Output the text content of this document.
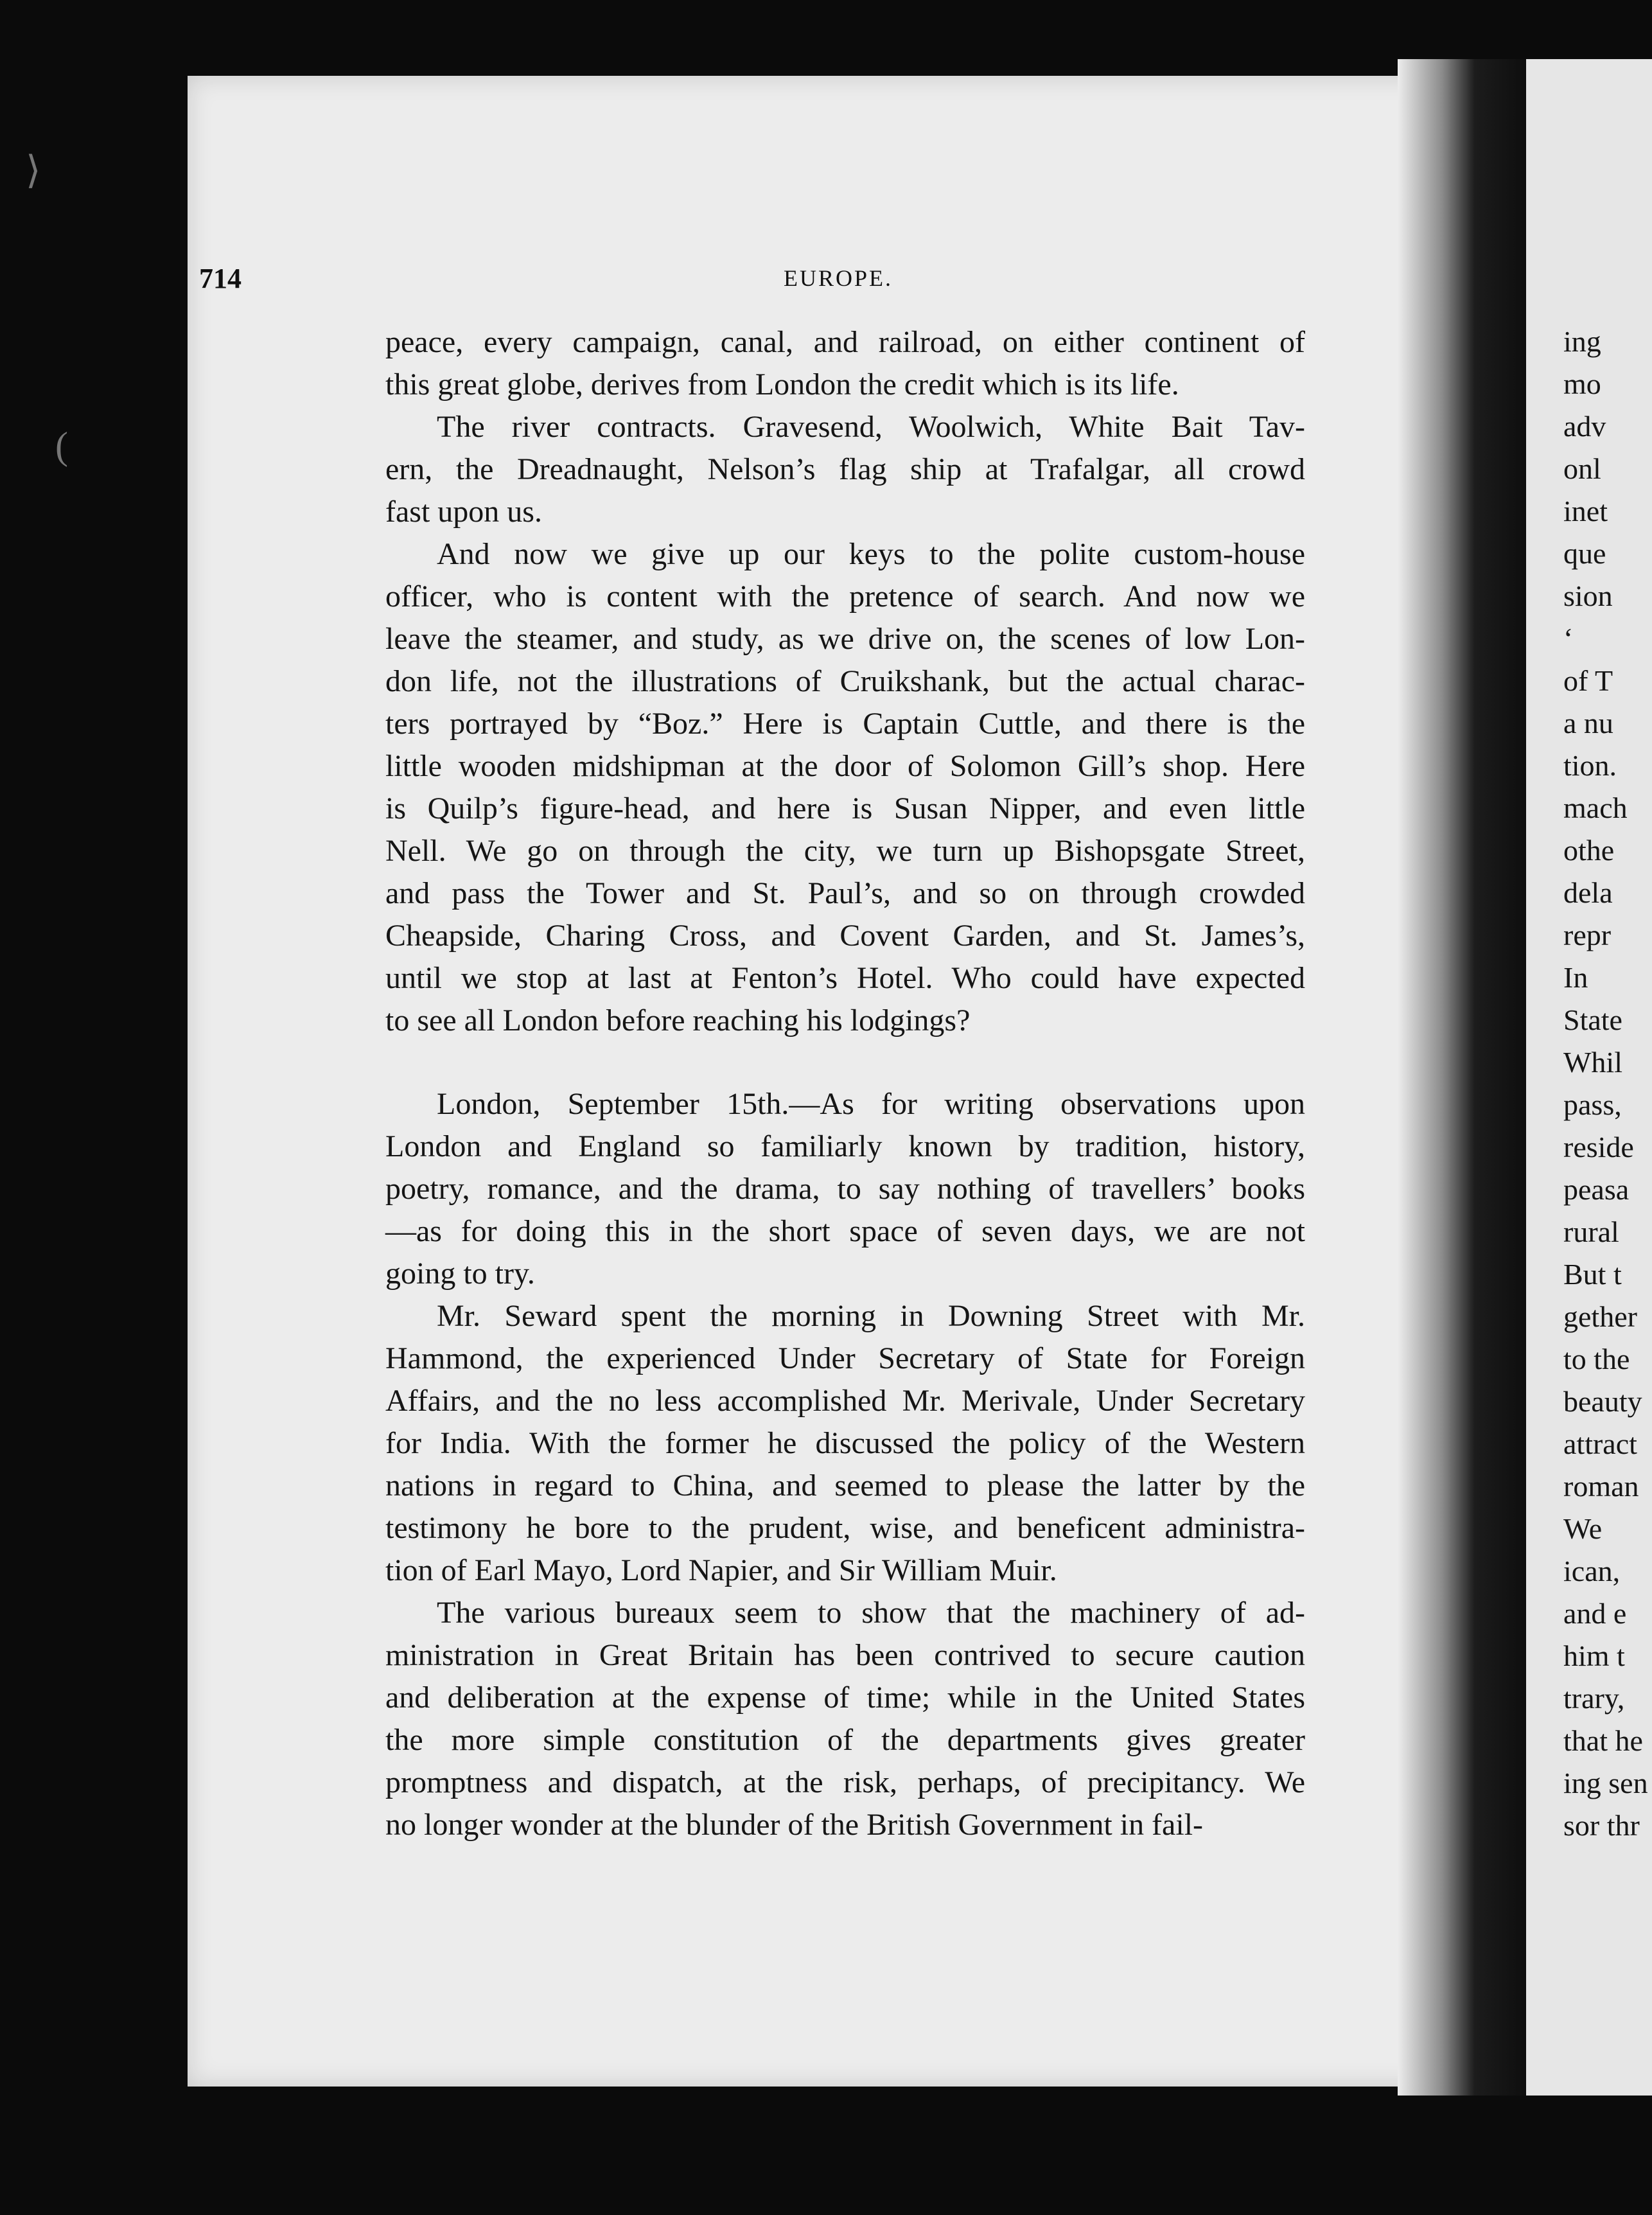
714	EUROPE.
peace, every campaign, canal, and railroad, on either continent of
this great globe, derives from London the credit which is its life.
The river contracts. Gravesend, Woolwich, White Bait Tav-
ern, the Dreadnaught, Nelson’s flag ship at Trafalgar, all crowd
fast upon us.
And now we give up our keys to the polite custom-house
officer, who is content with the pretence of search. And now we
leave the steamer, and study, as we drive on, the scenes of low Lon-
don life, not the illustrations of Cruikshank, but the actual charac-
ters portrayed by “Boz.” Here is Captain Cuttle, and there is the
little wooden midshipman at the door of Solomon Gill’s shop. Here
is Quilp’s figure-head, and here is Susan Nipper, and even little
Nell. We go on through the city, we turn up Bishopsgate Street,
and pass the Tower and St. Paul’s, and so on through crowded
Cheapside, Charing Cross, and Covent Garden, and St. James’s,
until we stop at last at Fenton’s Hotel. Who could have expected
to see all London before reaching his lodgings?
London, September 15th.—As for writing observations upon
London and England so familiarly known by tradition, history,
poetry, romance, and the drama, to say nothing of travellers’ books
—as for doing this in the short space of seven days, we are not
going to try.
Mr. Seward spent the morning in Downing Street with Mr.
Hammond, the experienced Under Secretary of State for Foreign
Affairs, and the no less accomplished Mr. Merivale, Under Secretary
for India. With the former he discussed the policy of the Western
nations in regard to China, and seemed to please the latter by the
testimony he bore to the prudent, wise, and beneficent administra-
tion of Earl Mayo, Lord Napier, and Sir William Muir.
The various bureaux seem to show that the machinery of ad-
ministration in Great Britain has been contrived to secure caution
and deliberation at the expense of time; while in the United States
the more simple constitution of the departments gives greater
promptness and dispatch, at the risk, perhaps, of precipitancy. We
no longer wonder at the blunder of the British Government in fail-
ing
mo
adv
onl
inet
que
sion
‘
of T
a nu
tion.
mach
othe
dela
repr
In
State
Whil
pass,
reside
peasa
rural
But t
gether
to the
beauty
attract
roman
We
ican,
and e
him t
trary,
that he
ing sen
sor thr
⟩
(
